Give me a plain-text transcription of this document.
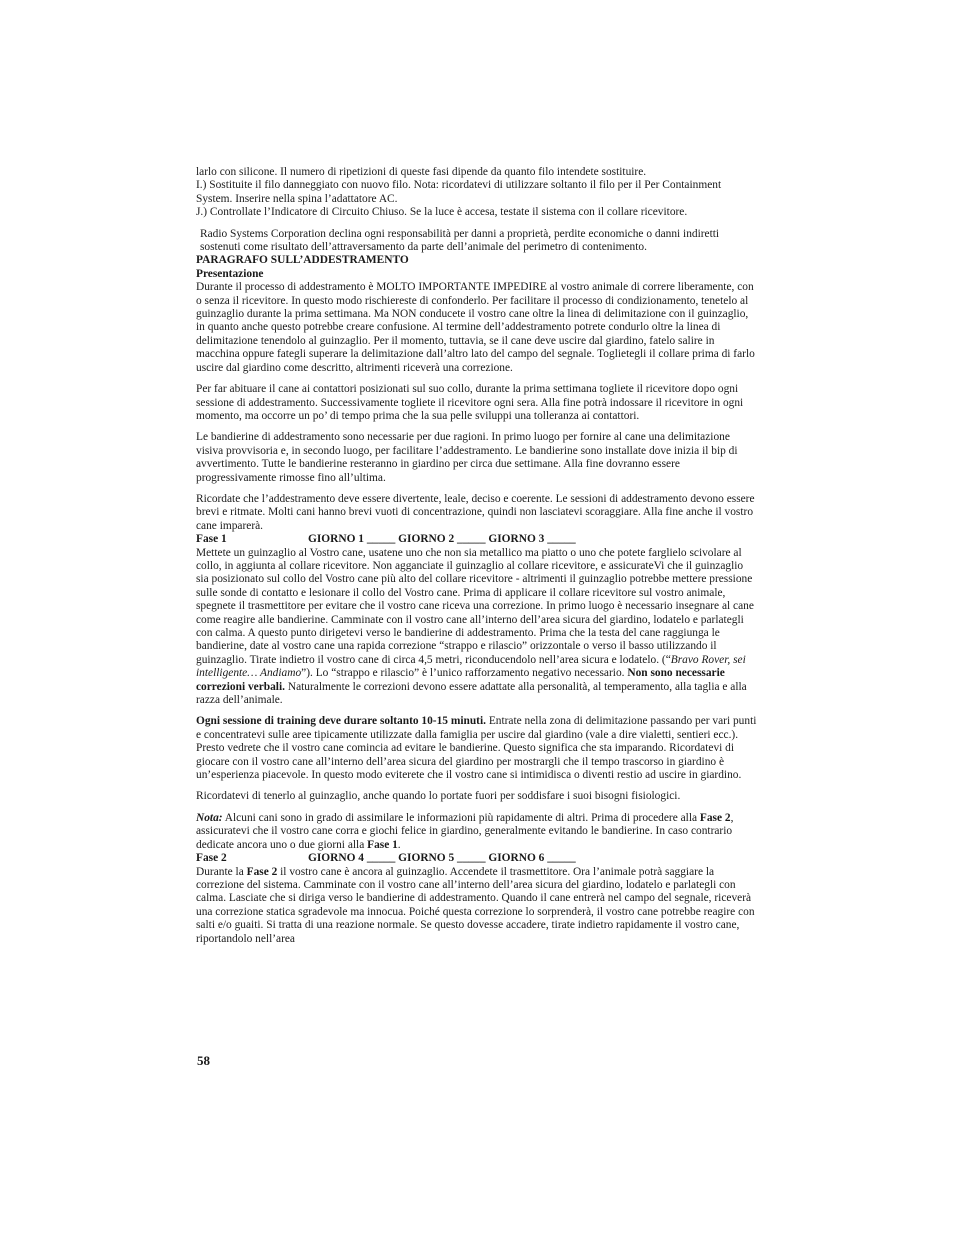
larlo con silicone. Il numero di ripetizioni di queste fasi dipende da quanto filo intendete sostituire.

I.) Sostituite il filo danneggiato con nuovo filo. Nota: ricordatevi di utilizzare soltanto il filo per il Per Containment System. Inserire nella spina l’adattatore AC.

J.) Controllate l’Indicatore di Circuito Chiuso. Se la luce è accesa, testate il sistema con il collare ricevitore.

Radio Systems Corporation declina ogni responsabilità per danni a proprietà, perdite economiche o danni indiretti sostenuti come risultato dell’attraversamento da parte dell’animale del perimetro di contenimento.

PARAGRAFO SULL’ADDESTRAMENTO

Presentazione

Durante il processo di addestramento è MOLTO IMPORTANTE IMPEDIRE al vostro animale di correre liberamente, con o senza il ricevitore. In questo modo rischiereste di confonderlo. Per facilitare il processo di condizionamento, tenetelo al guinzaglio durante la prima settimana. Ma NON conducete il vostro cane oltre la linea di delimitazione con il guinzaglio, in quanto anche questo potrebbe creare confusione. Al termine dell’addestramento potrete condurlo oltre la linea di delimitazione tenendolo al guinzaglio. Per il momento, tuttavia, se il cane deve uscire dal giardino, fatelo salire in macchina oppure fategli superare la delimitazione dall’altro lato del campo del segnale. Toglietegli il collare prima di farlo uscire dal giardino come descritto, altrimenti riceverà una correzione.

Per far abituare il cane ai contattori posizionati sul suo collo, durante la prima settimana togliete il ricevitore dopo ogni sessione di addestramento. Successivamente togliete il ricevitore ogni sera. Alla fine potrà indossare il ricevitore in ogni momento, ma occorre un po’ di tempo prima che la sua pelle sviluppi una tolleranza ai contattori.

Le bandierine di addestramento sono necessarie per due ragioni. In primo luogo per fornire al cane una delimitazione visiva provvisoria e, in secondo luogo, per facilitare l’addestramento. Le bandierine sono installate dove inizia il bip di avvertimento. Tutte le bandierine resteranno in giardino per circa due settimane. Alla fine dovranno essere progressivamente rimosse fino all’ultima.

Ricordate che l’addestramento deve essere divertente, leale, deciso e coerente. Le sessioni di addestramento devono essere brevi e ritmate. Molti cani hanno brevi vuoti di concentrazione, quindi non lasciatevi scoraggiare. Alla fine anche il vostro cane imparerà.

Fase 1	GIORNO 1 _____ GIORNO 2 _____ GIORNO 3 _____

Mettete un guinzaglio al Vostro cane, usatene uno che non sia metallico ma piatto o uno che potete farglielo scivolare al collo, in aggiunta al collare ricevitore. Non agganciate il guinzaglio al collare ricevitore, e assicurateVi che il guinzaglio sia posizionato sul collo del Vostro cane più alto del collare ricevitore - altrimenti il guinzaglio potrebbe mettere pressione sulle sonde di contatto e lesionare il collo del Vostro cane. Prima di applicare il collare ricevitore sul vostro animale, spegnete il trasmettitore per evitare che il vostro cane riceva una correzione. In primo luogo è necessario insegnare al cane come reagire alle bandierine. Camminate con il vostro cane all’interno dell’area sicura del giardino, lodatelo e parlategli con calma. A questo punto dirigetevi verso le bandierine di addestramento. Prima che la testa del cane raggiunga le bandierine, date al vostro cane una rapida correzione “strappo e rilascio” orizzontale o verso il basso utilizzando il guinzaglio. Tirate indietro il vostro cane di circa 4,5 metri, riconducendolo nell’area sicura e lodatelo. (“Bravo Rover, sei intelligente… Andiamo”). Lo “strappo e rilascio” è l’unico rafforzamento negativo necessario. Non sono necessarie correzioni verbali. Naturalmente le correzioni devono essere adattate alla personalità, al temperamento, alla taglia e alla razza dell’animale.

Ogni sessione di training deve durare soltanto 10-15 minuti. Entrate nella zona di delimitazione passando per vari punti e concentratevi sulle aree tipicamente utilizzate dalla famiglia per uscire dal giardino (vale a dire vialetti, sentieri ecc.). Presto vedrete che il vostro cane comincia ad evitare le bandierine. Questo significa che sta imparando. Ricordatevi di giocare con il vostro cane all’interno dell’area sicura del giardino per mostrargli che il tempo trascorso in giardino è un’esperienza piacevole. In questo modo eviterete che il vostro cane si intimidisca o diventi restio ad uscire in giardino.

Ricordatevi di tenerlo al guinzaglio, anche quando lo portate fuori per soddisfare i suoi bisogni fisiologici.

Nota: Alcuni cani sono in grado di assimilare le informazioni più rapidamente di altri. Prima di procedere alla Fase 2, assicuratevi che il vostro cane corra e giochi felice in giardino, generalmente evitando le bandierine. In caso contrario dedicate ancora uno o due giorni alla Fase 1.

Fase 2	GIORNO 4 _____ GIORNO 5 _____ GIORNO 6 _____

Durante la Fase 2 il vostro cane è ancora al guinzaglio. Accendete il trasmettitore. Ora l’animale potrà saggiare la correzione del sistema. Camminate con il vostro cane all’interno dell’area sicura del giardino, lodatelo e parlategli con calma. Lasciate che si diriga verso le bandierine di addestramento. Quando il cane entrerà nel campo del segnale, riceverà una correzione statica sgradevole ma innocua. Poiché questa correzione lo sorprenderà, il vostro cane potrebbe reagire con salti e/o guaiti. Si tratta di una reazione normale. Se questo dovesse accadere, tirate indietro rapidamente il vostro cane, riportandolo nell’area

58
